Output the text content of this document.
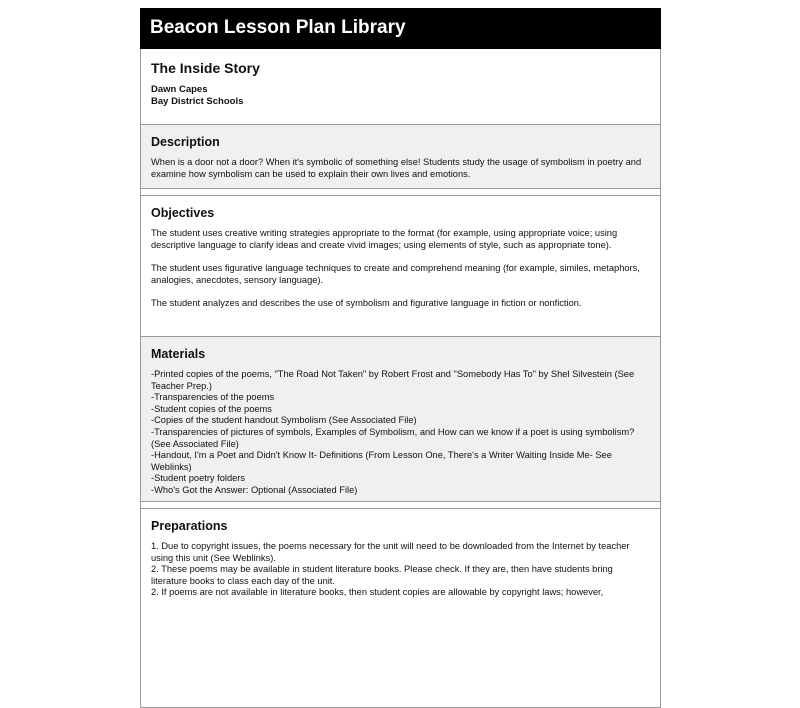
Beacon Lesson Plan Library
The Inside Story
Dawn Capes
Bay District Schools
Description

When is a door not a door? When it's symbolic of something else! Students study the usage of symbolism in poetry and examine how symbolism can be used to explain their own lives and emotions.

Objectives

The student uses creative writing strategies appropriate to the format (for example, using appropriate voice; using descriptive language to clarify ideas and create vivid images; using elements of style, such as appropriate tone).

The student uses figurative language techniques to create and comprehend meaning (for example, similes, metaphors, analogies, anecdotes, sensory language).

The student analyzes and describes the use of symbolism and figurative language in fiction or nonfiction.

Materials
-Printed copies of the poems, "The Road Not Taken" by Robert Frost and "Somebody Has To" by Shel Silvestein (See Teacher Prep.)
-Transparencies of the poems
-Student copies of the poems
-Copies of the student handout Symbolism (See Associated File)
-Transparencies of pictures of symbols, Examples of Symbolism, and How can we know if a poet is using symbolism? (See Associated File)
-Handout, I'm a Poet and Didn't Know It- Definitions (From Lesson One, There's a Writer Waiting Inside Me- See Weblinks)
-Student poetry folders
-Who's Got the Answer: Optional (Associated File)
Preparations
1. Due to copyright issues, the poems necessary for the unit will need to be downloaded from the Internet by teacher using this unit (See Weblinks).
2. These poems may be available in student literature books. Please check. If they are, then have students bring literature books to class each day of the unit.
2. If poems are not available in literature books, then student copies are allowable by copyright laws; however,
